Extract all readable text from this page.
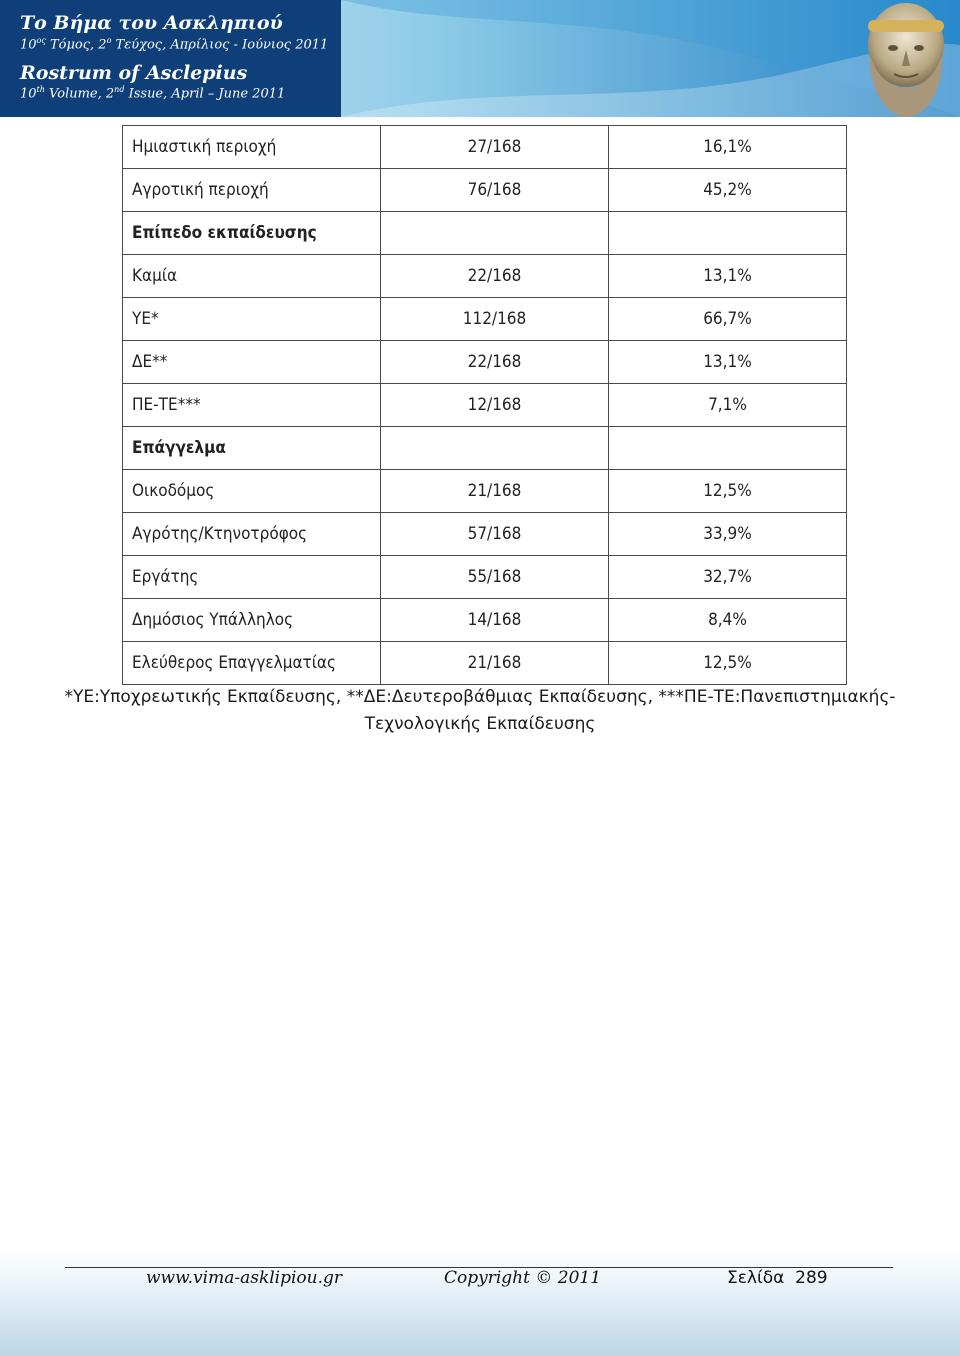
Το Βήμα του Ασκληπιού
$10^{o\varsigma}$ Τόμος, $2^o$ Τεύχος, Απρίλιος - Ιούνιος 2011
Rostrum of Asclepius
10th Volume, 2nd Issue, April – June 2011
Ημιαστική περιοχή	27/168	16,1%
Αγροτική περιοχή	76/168	45,2%
Επίπεδο εκπαίδευσης		
Καμία	22/168	13,1%
ΥΕ*	112/168	66,7%
ΔΕ**	22/168	13,1%
ΠΕ-ΤΕ***	12/168	7,1%
Επάγγελμα		
Οικοδόμος	21/168	12,5%
Αγρότης/Κτηνοτρόφος	57/168	33,9%
Εργάτης	55/168	32,7%
Δημόσιος Υπάλληλος	14/168	8,4%
Ελεύθερος Επαγγελματίας	21/168	12,5%
*ΥΕ:Υποχρεωτικής Εκπαίδευσης, **ΔΕ:Δευτεροβάθμιας Εκπαίδευσης, ***ΠΕ-ΤΕ:Πανεπιστημιακής-Τεχνολογικής Εκπαίδευσης
www.vima-asklipiou.gr	Copyright © 2011	Σελίδα  289
